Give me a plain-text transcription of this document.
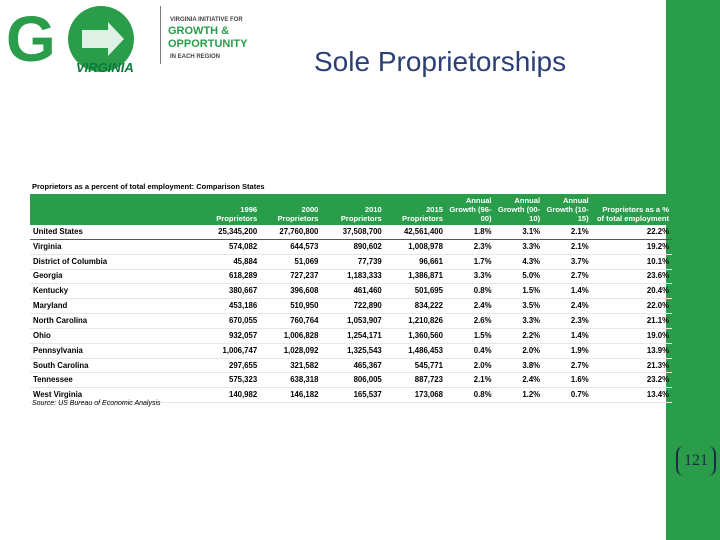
G VIRGINIA
VIRGINIA INITIATIVE FOR
GROWTH &
OPPORTUNITY
IN EACH REGION	Sole Proprietorships
Proprietors as a percent of total employment: Comparison States
	1996 Proprietors	2000 Proprietors	2010 Proprietors	2015 Proprietors	Annual Growth (96-00)	Annual Growth (00-10)	Annual Growth (10-15)	Proprietors as a % of total employment
United States	25,345,200	27,760,800	37,508,700	42,561,400	1.8%	3.1%	2.1%	22.2%
Virginia	574,082	644,573	890,602	1,008,978	2.3%	3.3%	2.1%	19.2%
District of Columbia	45,884	51,069	77,739	96,661	1.7%	4.3%	3.7%	10.1%
Georgia	618,289	727,237	1,183,333	1,386,871	3.3%	5.0%	2.7%	23.6%
Kentucky	380,667	396,608	461,460	501,695	0.8%	1.5%	1.4%	20.4%
Maryland	453,186	510,950	722,890	834,222	2.4%	3.5%	2.4%	22.0%
North Carolina	670,055	760,764	1,053,907	1,210,826	2.6%	3.3%	2.3%	21.1%
Ohio	932,057	1,006,828	1,254,171	1,360,560	1.5%	2.2%	1.4%	19.0%
Pennsylvania	1,006,747	1,028,092	1,325,543	1,486,453	0.4%	2.0%	1.9%	13.9%
South Carolina	297,655	321,582	465,367	545,771	2.0%	3.8%	2.7%	21.3%
Tennessee	575,323	638,318	806,005	887,723	2.1%	2.4%	1.6%	23.2%
West Virginia	140,982	146,182	165,537	173,068	0.8%	1.2%	0.7%	13.4%
Source: US Bureau of Economic Analysis
121
